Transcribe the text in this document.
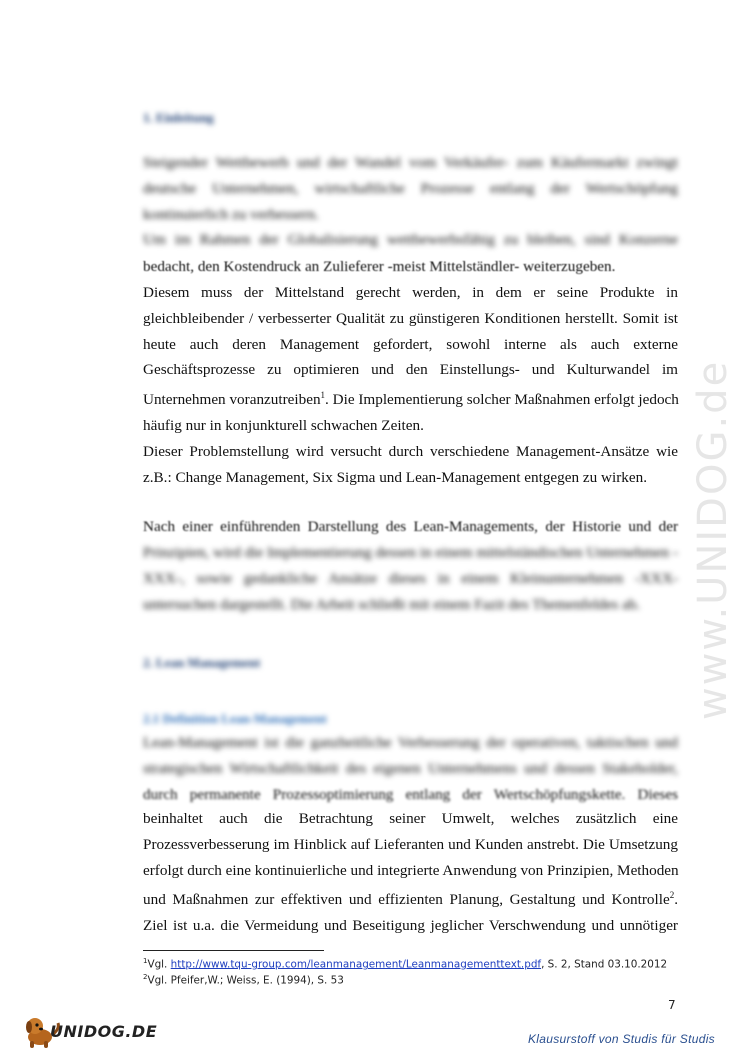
1. Einleitung
Steigender Wettbewerb und der Wandel vom Verkäufer- zum Käufermarkt zwingt
deutsche Unternehmen, wirtschaftliche Prozesse entlang der Wertschöpfung
kontinuierlich zu verbessern.
Um im Rahmen der Globalisierung wettbewerbsfähig zu bleiben, sind Konzerne
bedacht, den Kostendruck an Zulieferer -meist Mittelständler- weiterzugeben.
Diesem muss der Mittelstand gerecht werden, in dem er seine Produkte in
gleichbleibender / verbesserter Qualität zu günstigeren Konditionen herstellt. Somit ist
heute auch deren Management gefordert, sowohl interne als auch externe
Geschäftsprozesse zu optimieren und den Einstellungs- und Kulturwandel im
Unternehmen voranzutreiben$^1$. Die Implementierung solcher Maßnahmen erfolgt jedoch
häufig nur in konjunkturell schwachen Zeiten.
Dieser Problemstellung wird versucht durch verschiedene Management-Ansätze wie
z.B.: Change Management, Six Sigma und Lean-Management entgegen zu wirken.
Nach einer einführenden Darstellung des Lean-Managements, der Historie und der
Prinzipien, wird die Implementierung dessen in einem mittelständischen Unternehmen -
XXX-, sowie gedankliche Ansätze dieses in einem Kleinunternehmen -XXX-
untersuchen dargestellt. Die Arbeit schließt mit einem Fazit des Themenfeldes ab.
2. Lean Management
2.1 Definition Lean-Management
Lean-Management ist die ganzheitliche Verbesserung der operativen, taktischen und
strategischen Wirtschaftlichkeit des eigenen Unternehmens und dessen Stakeholder,
durch permanente Prozessoptimierung entlang der Wertschöpfungskette. Dieses
beinhaltet auch die Betrachtung seiner Umwelt, welches zusätzlich eine
Prozessverbesserung im Hinblick auf Lieferanten und Kunden anstrebt. Die Umsetzung
erfolgt durch eine kontinuierliche und integrierte Anwendung von Prinzipien, Methoden
und Maßnahmen zur effektiven und effizienten Planung, Gestaltung und Kontrolle$^2$.
Ziel ist u.a. die Vermeidung und Beseitigung jeglicher Verschwendung und unnötiger
www.UNIDOG.de
$^1$Vgl. http://www.tqu-group.com/leanmanagement/Leanmanagementtext.pdf, S. 2, Stand 03.10.2012
$^2$Vgl. Pfeifer,W.; Weiss, E. (1994), S. 53
7
UNIDOG.DE	Klausurstoff von Studis für Studis
